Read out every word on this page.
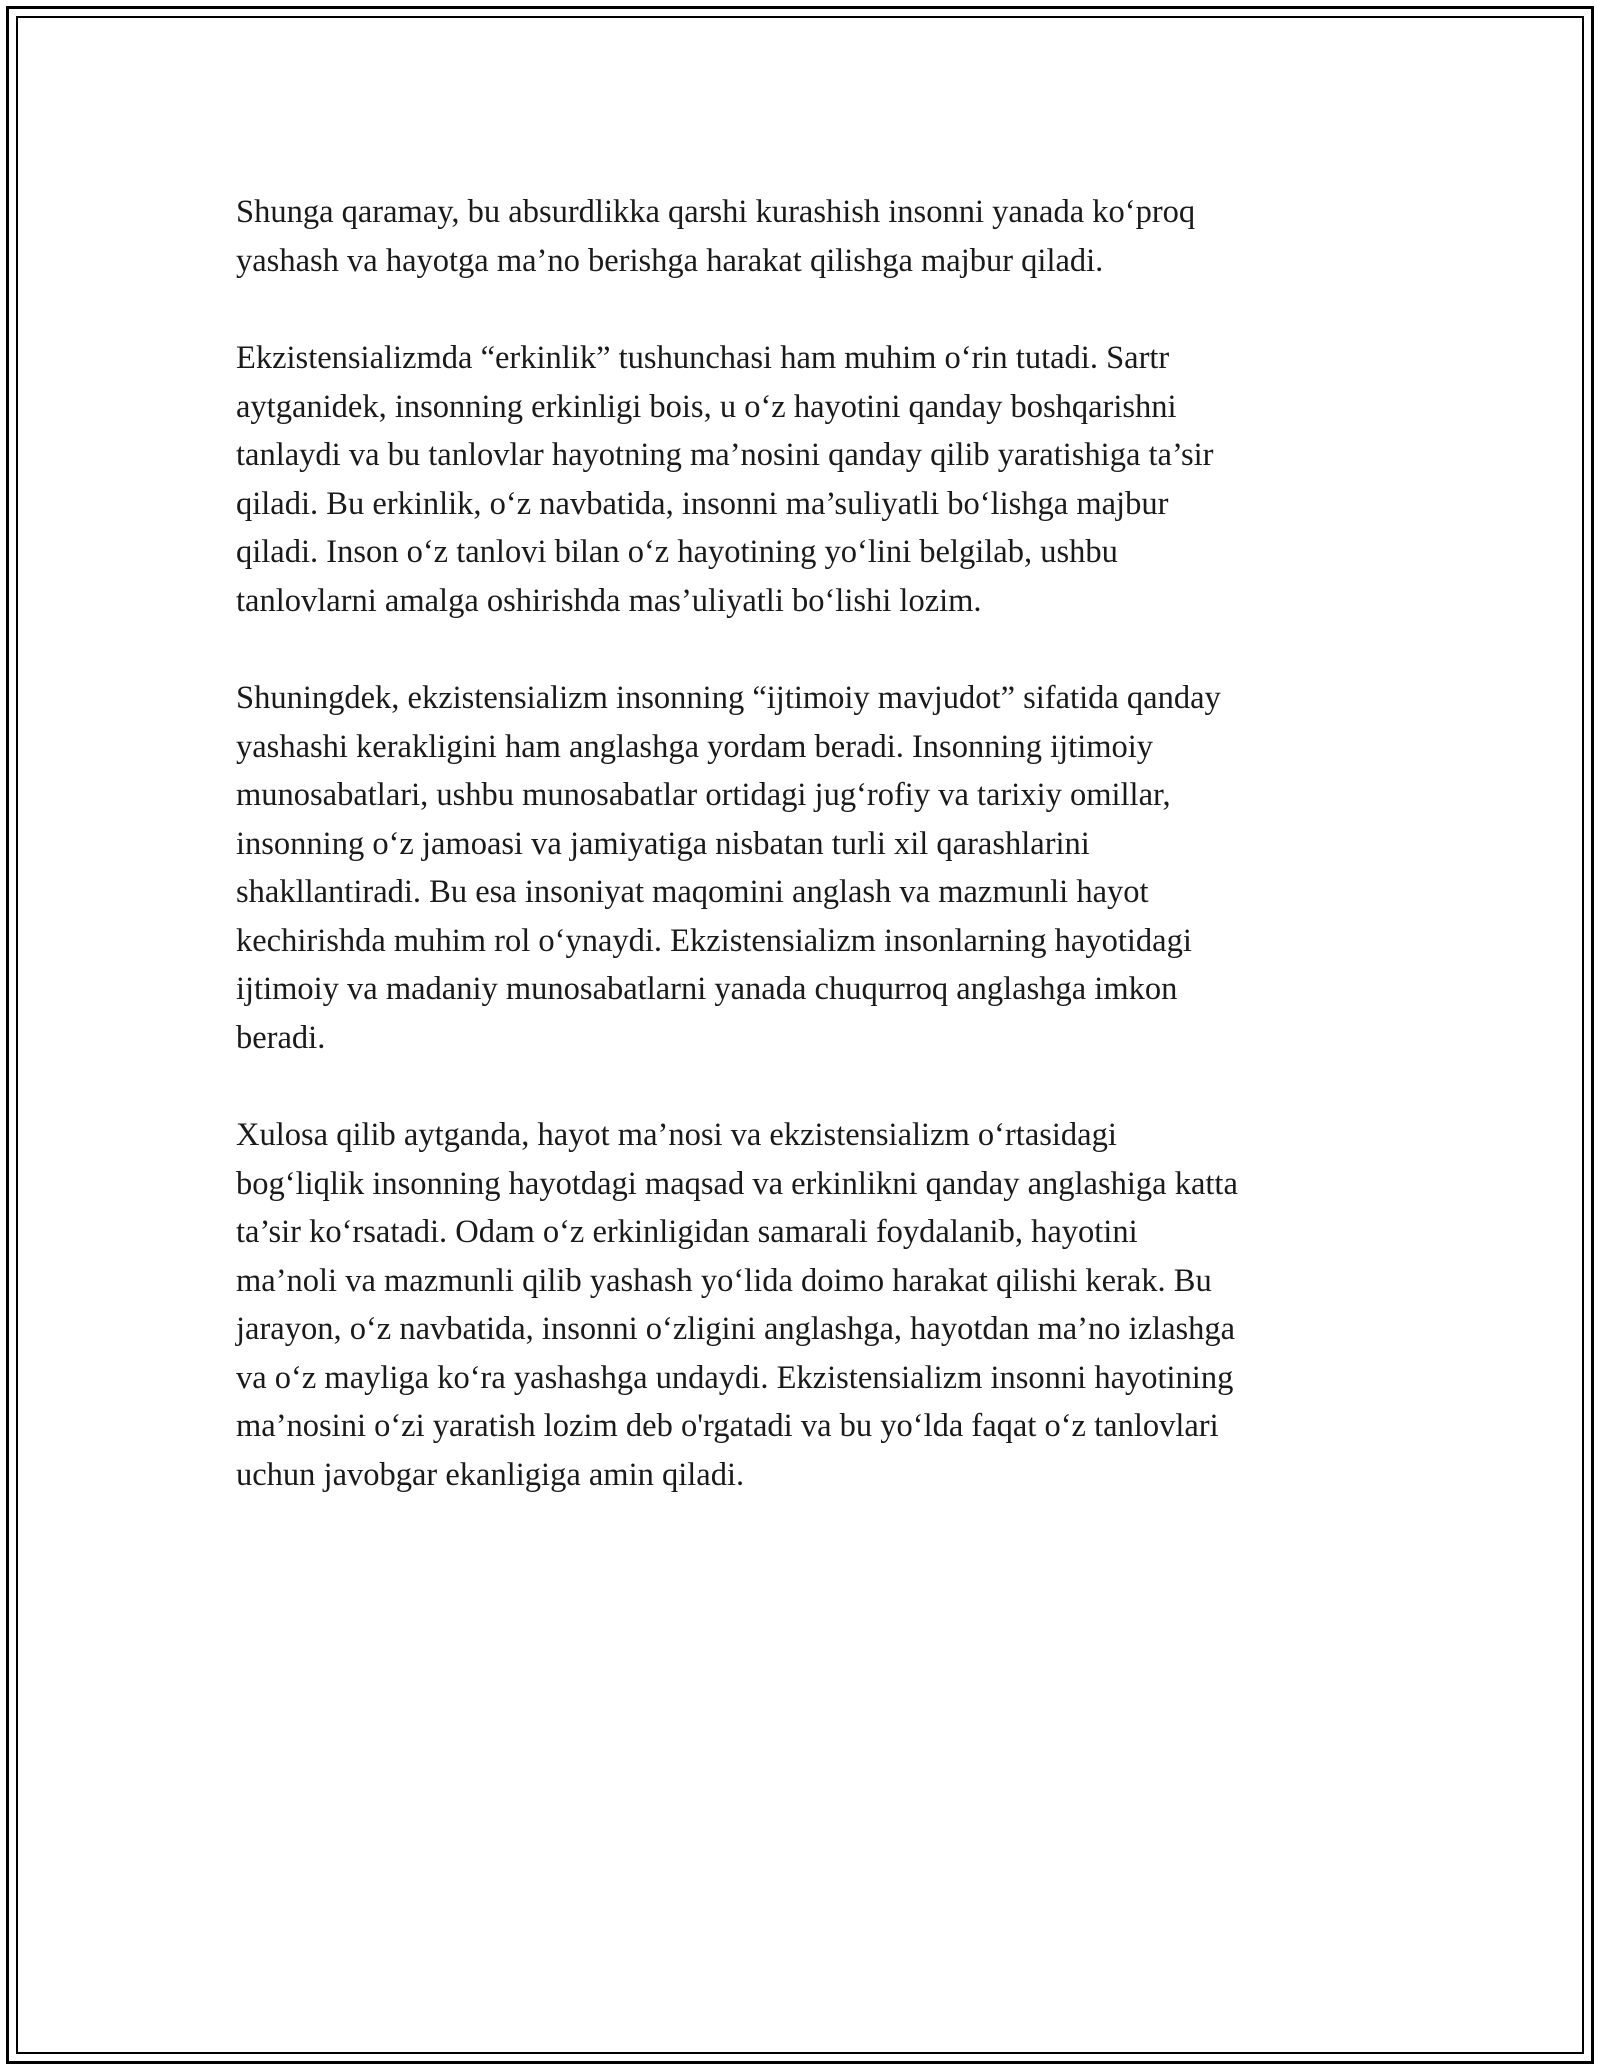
Shunga qaramay, bu absurdlikka qarshi kurashish insonni yanada ko‘proq
yashash va hayotga ma’no berishga harakat qilishga majbur qiladi.

Ekzistensializmda “erkinlik” tushunchasi ham muhim o‘rin tutadi. Sartr
aytganidek, insonning erkinligi bois, u o‘z hayotini qanday boshqarishni
tanlaydi va bu tanlovlar hayotning ma’nosini qanday qilib yaratishiga ta’sir
qiladi. Bu erkinlik, o‘z navbatida, insonni ma’suliyatli bo‘lishga majbur
qiladi. Inson o‘z tanlovi bilan o‘z hayotining yo‘lini belgilab, ushbu
tanlovlarni amalga oshirishda mas’uliyatli bo‘lishi lozim.

Shuningdek, ekzistensializm insonning “ijtimoiy mavjudot” sifatida qanday
yashashi kerakligini ham anglashga yordam beradi. Insonning ijtimoiy
munosabatlari, ushbu munosabatlar ortidagi jug‘rofiy va tarixiy omillar,
insonning o‘z jamoasi va jamiyatiga nisbatan turli xil qarashlarini
shakllantiradi. Bu esa insoniyat maqomini anglash va mazmunli hayot
kechirishda muhim rol o‘ynaydi. Ekzistensializm insonlarning hayotidagi
ijtimoiy va madaniy munosabatlarni yanada chuqurroq anglashga imkon
beradi.

Xulosa qilib aytganda, hayot ma’nosi va ekzistensializm o‘rtasidagi
bog‘liqlik insonning hayotdagi maqsad va erkinlikni qanday anglashiga katta
ta’sir ko‘rsatadi. Odam o‘z erkinligidan samarali foydalanib, hayotini
ma’noli va mazmunli qilib yashash yo‘lida doimo harakat qilishi kerak. Bu
jarayon, o‘z navbatida, insonni o‘zligini anglashga, hayotdan ma’no izlashga
va o‘z mayliga ko‘ra yashashga undaydi. Ekzistensializm insonni hayotining
ma’nosini o‘zi yaratish lozim deb o'rgatadi va bu yo‘lda faqat o‘z tanlovlari
uchun javobgar ekanligiga amin qiladi.
